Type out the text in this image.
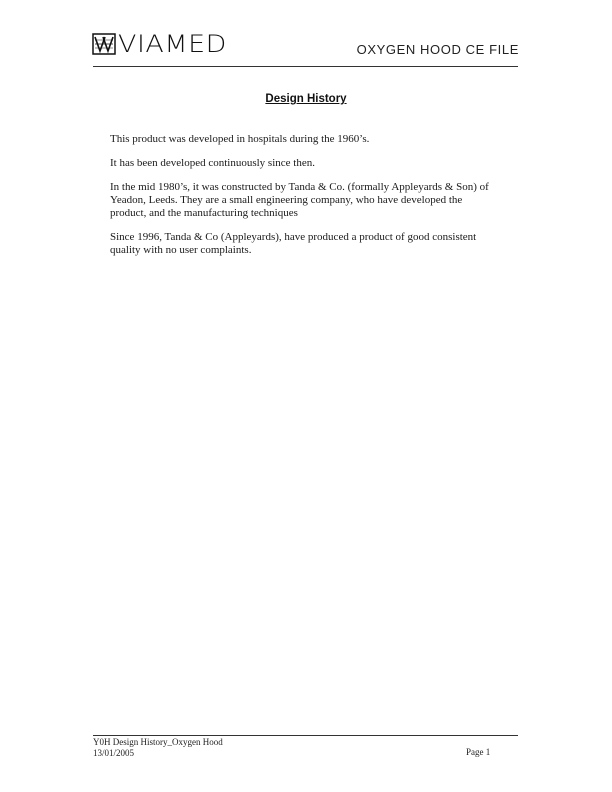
VIAMED	OXYGEN HOOD CE FILE
Design History

This product was developed in hospitals during the 1960’s.

It has been developed continuously since then.

In the mid 1980’s, it was constructed by Tanda & Co. (formally Appleyards & Son) of Yeadon, Leeds. They are a small engineering company, who have developed the product, and the manufacturing techniques

Since 1996, Tanda & Co (Appleyards), have produced a product of good consistent quality with no user complaints.

Y0H Design History_Oxygen Hood
13/01/2005	Page 1
